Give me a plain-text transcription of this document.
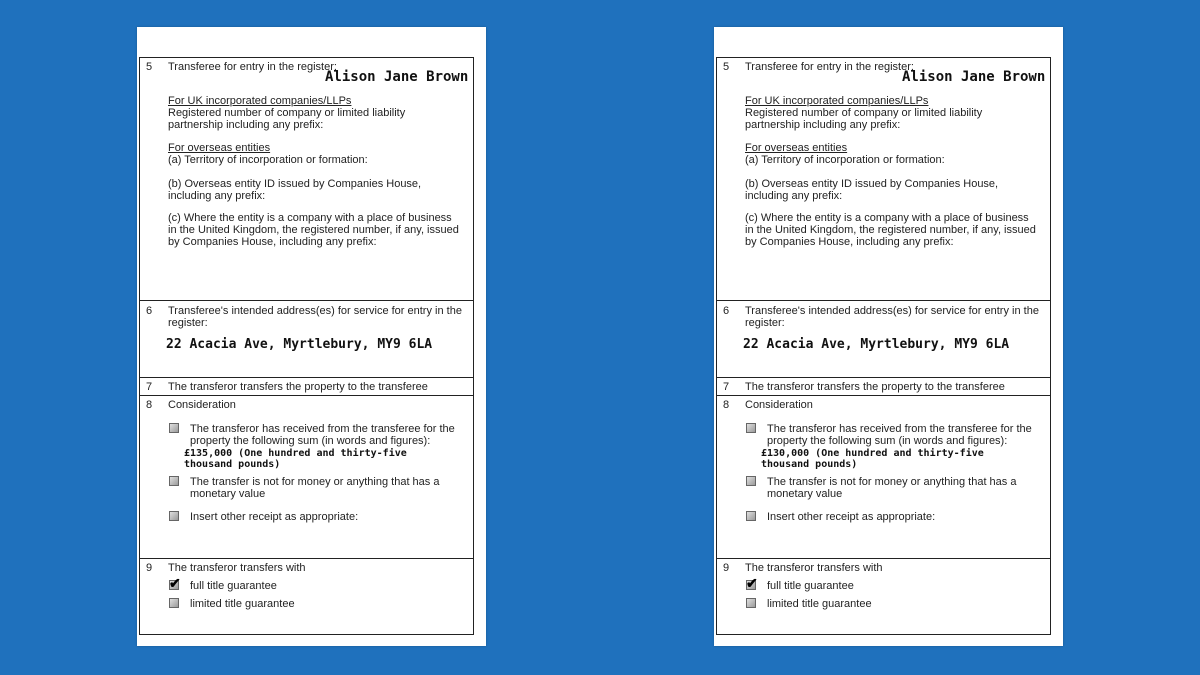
5 Transferee for entry in the register:
Alison Jane Brown
For UK incorporated companies/LLPs
Registered number of company or limited liability partnership including any prefix:
For overseas entities
(a) Territory of incorporation or formation:
(b) Overseas entity ID issued by Companies House, including any prefix:
(c) Where the entity is a company with a place of business in the United Kingdom, the registered number, if any, issued by Companies House, including any prefix:
6 Transferee's intended address(es) for service for entry in the register:
22 Acacia Ave, Myrtlebury, MY9 6LA
7 The transferor transfers the property to the transferee
8 Consideration
The transferor has received from the transferee for the property the following sum (in words and figures):
£135,000 (One hundred and thirty-five
thousand pounds)
The transfer is not for money or anything that has a monetary value
Insert other receipt as appropriate:
9 The transferor transfers with
✔ full title guarantee
limited title guarantee
5 Transferee for entry in the register:
Alison Jane Brown
For UK incorporated companies/LLPs
Registered number of company or limited liability partnership including any prefix:
For overseas entities
(a) Territory of incorporation or formation:
(b) Overseas entity ID issued by Companies House, including any prefix:
(c) Where the entity is a company with a place of business in the United Kingdom, the registered number, if any, issued by Companies House, including any prefix:
6 Transferee's intended address(es) for service for entry in the register:
22 Acacia Ave, Myrtlebury, MY9 6LA
7 The transferor transfers the property to the transferee
8 Consideration
The transferor has received from the transferee for the property the following sum (in words and figures):
£130,000 (One hundred and thirty-five
thousand pounds)
The transfer is not for money or anything that has a monetary value
Insert other receipt as appropriate:
9 The transferor transfers with
✔ full title guarantee
limited title guarantee
